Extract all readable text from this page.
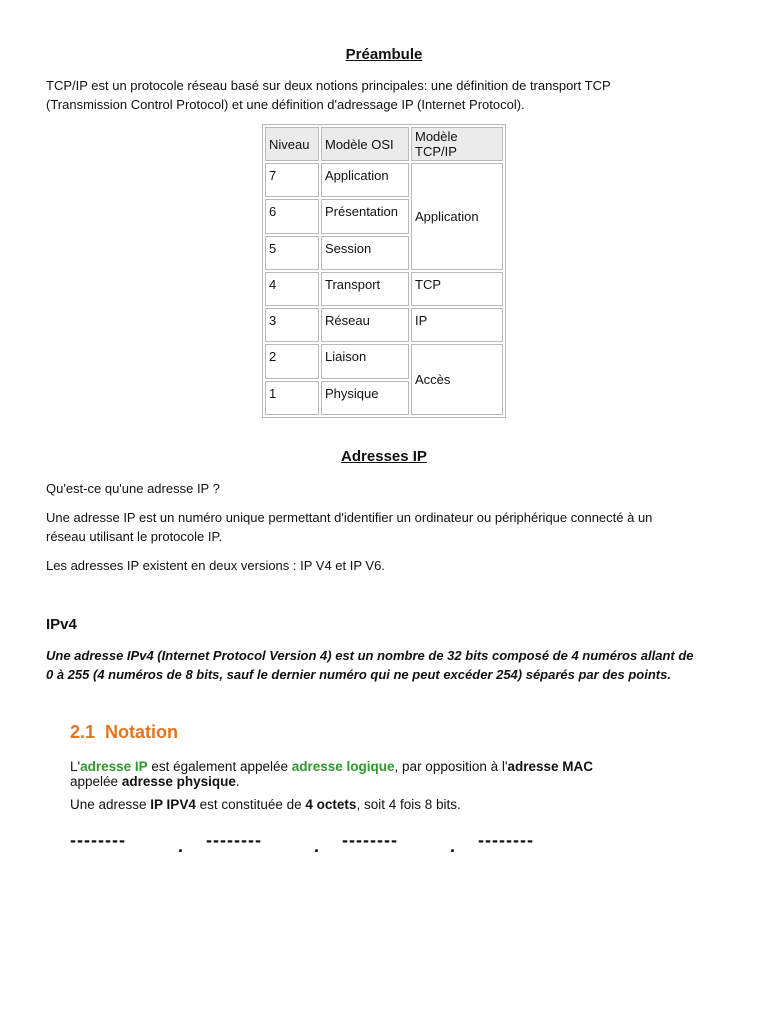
Préambule
TCP/IP est un protocole réseau basé sur deux notions principales: une définition de transport TCP
(Transmission Control Protocol) et une définition d'adressage IP (Internet Protocol).
Niveau	Modèle OSI	Modèle TCP/IP
7	Application	Application
6	Présentation	
5	Session	
4	Transport	TCP
3	Réseau	IP
2	Liaison	Accès
1	Physique	
Adresses IP
Qu'est-ce qu'une adresse IP ?
Une adresse IP est un numéro unique permettant d'identifier un ordinateur ou périphérique connecté à un
réseau utilisant le protocole IP.
Les adresses IP existent en deux versions : IP V4 et IP V6.
IPv4
Une adresse IPv4 (Internet Protocol Version 4) est un nombre de 32 bits composé de 4 numéros allant de
0 à 255 (4 numéros de 8 bits, sauf le dernier numéro qui ne peut excéder 254) séparés par des points.
2.1 Notation
L'adresse IP est également appelée adresse logique, par opposition à l'adresse MAC
appelée adresse physique.
Une adresse IP IPV4 est constituée de 4 octets, soit 4 fois 8 bits.
--------	. --------	. --------	. --------
